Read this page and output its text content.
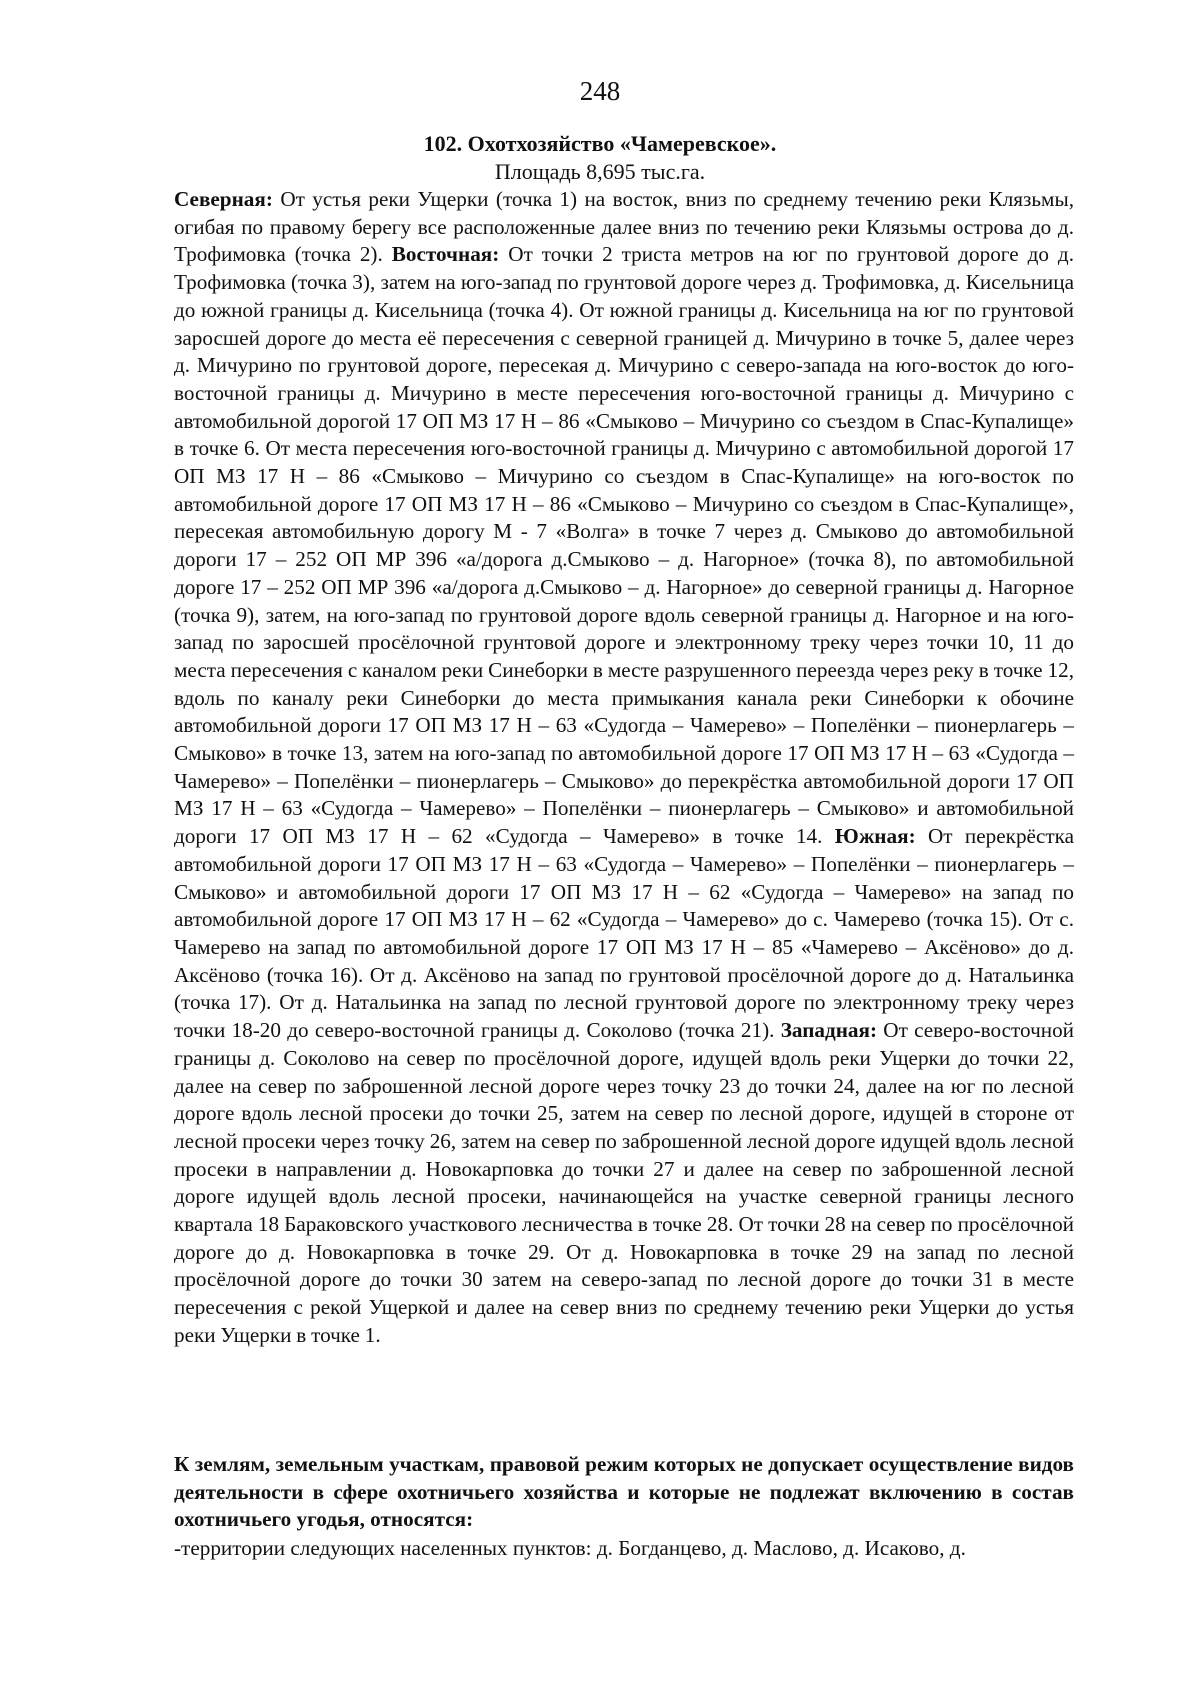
248
102. Охотхозяйство «Чамеревское».
Площадь 8,695 тыс.га.

Северная: От устья реки Ущерки (точка 1) на восток, вниз по среднему течению реки Клязьмы, огибая по правому берегу все расположенные далее вниз по течению реки Клязьмы острова до д. Трофимовка (точка 2). Восточная: От точки 2 триста метров на юг по грунтовой дороге до д. Трофимовка (точка 3), затем на юго-запад по грунтовой дороге через д. Трофимовка, д. Кисельница до южной границы д. Кисельница (точка 4). От южной границы д. Кисельница на юг по грунтовой заросшей дороге до места её пересечения с северной границей д. Мичурино в точке 5, далее через д. Мичурино по грунтовой дороге, пересекая д. Мичурино с северо-запада на юго-восток до юго-восточной границы д. Мичурино в месте пересечения юго-восточной границы д. Мичурино с автомобильной дорогой 17 ОП МЗ 17 Н – 86 «Смыково – Мичурино со съездом в Спас-Купалище» в точке 6. От места пересечения юго-восточной границы д. Мичурино с автомобильной дорогой 17 ОП МЗ 17 Н – 86 «Смыково – Мичурино со съездом в Спас-Купалище» на юго-восток по автомобильной дороге 17 ОП МЗ 17 Н – 86 «Смыково – Мичурино со съездом в Спас-Купалище», пересекая автомобильную дорогу М - 7 «Волга» в точке 7 через д. Смыково до автомобильной дороги 17 – 252 ОП МР 396 «а/дорога д.Смыково – д. Нагорное» (точка 8), по автомобильной дороге 17 – 252 ОП МР 396 «а/дорога д.Смыково – д. Нагорное» до северной границы д. Нагорное (точка 9), затем, на юго-запад по грунтовой дороге вдоль северной границы д. Нагорное и на юго-запад по заросшей просёлочной грунтовой дороге и электронному треку через точки 10, 11 до места пересечения с каналом реки Синеборки в месте разрушенного переезда через реку в точке 12, вдоль по каналу реки Синеборки до места примыкания канала реки Синеборки к обочине автомобильной дороги 17 ОП МЗ 17 Н – 63 «Судогда – Чамерево» – Попелёнки – пионерлагерь – Смыково» в точке 13, затем на юго-запад по автомобильной дороге 17 ОП МЗ 17 Н – 63 «Судогда – Чамерево» – Попелёнки – пионерлагерь – Смыково» до перекрёстка автомобильной дороги 17 ОП МЗ 17 Н – 63 «Судогда – Чамерево» – Попелёнки – пионерлагерь – Смыково» и автомобильной дороги 17 ОП МЗ 17 Н – 62 «Судогда – Чамерево» в точке 14. Южная: От перекрёстка автомобильной дороги 17 ОП МЗ 17 Н – 63 «Судогда – Чамерево» – Попелёнки – пионерлагерь – Смыково» и автомобильной дороги 17 ОП МЗ 17 Н – 62 «Судогда – Чамерево» на запад по автомобильной дороге 17 ОП МЗ 17 Н – 62 «Судогда – Чамерево» до с. Чамерево (точка 15). От с. Чамерево на запад по автомобильной дороге 17 ОП МЗ 17 Н – 85 «Чамерево – Аксёново» до д. Аксёново (точка 16). От д. Аксёново на запад по грунтовой просёлочной дороге до д. Натальинка (точка 17). От д. Натальинка на запад по лесной грунтовой дороге по электронному треку через точки 18-20 до северо-восточной границы д. Соколово (точка 21). Западная: От северо-восточной границы д. Соколово на север по просёлочной дороге, идущей вдоль реки Ущерки до точки 22, далее на север по заброшенной лесной дороге через точку 23 до точки 24, далее на юг по лесной дороге вдоль лесной просеки до точки 25, затем на север по лесной дороге, идущей в стороне от лесной просеки через точку 26, затем на север по заброшенной лесной дороге идущей вдоль лесной просеки в направлении д. Новокарповка до точки 27 и далее на север по заброшенной лесной дороге идущей вдоль лесной просеки, начинающейся на участке северной границы лесного квартала 18 Бараковского участкового лесничества в точке 28. От точки 28 на север по просёлочной дороге до д. Новокарповка в точке 29. От д. Новокарповка в точке 29 на запад по лесной просёлочной дороге до точки 30 затем на северо-запад по лесной дороге до точки 31 в месте пересечения с рекой Ущеркой и далее на север вниз по среднему течению реки Ущерки до устья реки Ущерки в точке 1.

К землям, земельным участкам, правовой режим которых не допускает осуществление видов деятельности в сфере охотничьего хозяйства и которые не подлежат включению в состав охотничьего угодья, относятся:

-территории следующих населенных пунктов: д. Богданцево, д. Маслово, д. Исаково, д.
